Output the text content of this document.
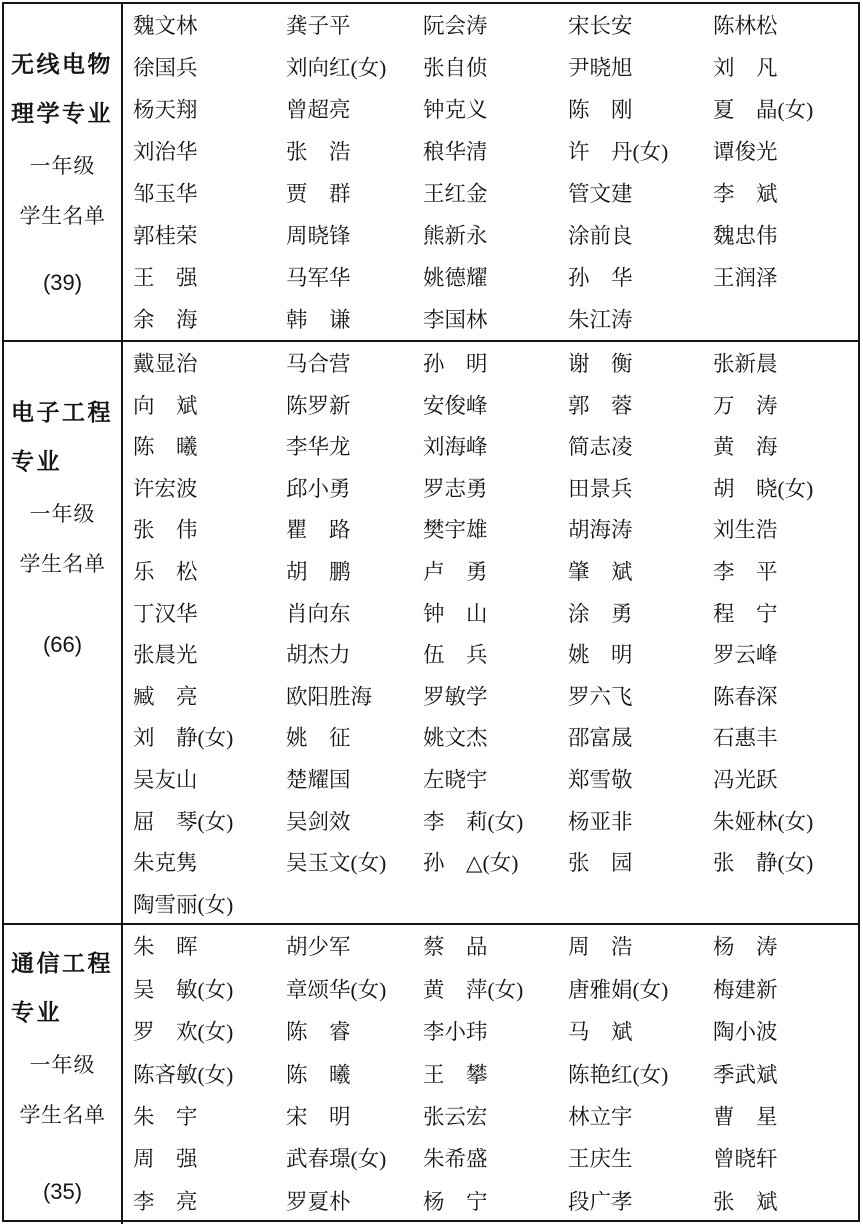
无线电物
理学专业
一年级
学生名单
(39)
魏文林	龚子平	阮会涛	宋长安	陈林松
徐国兵	刘向红(女)	张自侦	尹晓旭	刘　凡
杨天翔	曾超亮	钟克义	陈　刚	夏　晶(女)
刘治华	张　浩	稂华清	许　丹(女)	谭俊光
邹玉华	贾　群	王红金	管文建	李　斌
郭桂荣	周晓锋	熊新永	涂前良	魏忠伟
王　强	马军华	姚德耀	孙　华	王润泽
余　海	韩　谦	李国林	朱江涛
电子工程
专业
一年级
学生名单
(66)
戴显治	马合营	孙　明	谢　衡	张新晨
向　斌	陈罗新	安俊峰	郭　蓉	万　涛
陈　曦	李华龙	刘海峰	简志凌	黄　海
许宏波	邱小勇	罗志勇	田景兵	胡　晓(女)
张　伟	瞿　路	樊宇雄	胡海涛	刘生浩
乐　松	胡　鹏	卢　勇	肇　斌	李　平
丁汉华	肖向东	钟　山	涂　勇	程　宁
张晨光	胡杰力	伍　兵	姚　明	罗云峰
臧　亮	欧阳胜海	罗敏学	罗六飞	陈春深
刘　静(女)	姚　征	姚文杰	邵富晟	石惠丰
吴友山	楚耀国	左晓宇	郑雪敬	冯光跃
屈　琴(女)	吴剑效	李　莉(女)	杨亚非	朱娅林(女)
朱克隽	吴玉文(女)	孙　△(女)	张　园	张　静(女)
陶雪丽(女)
通信工程
专业
一年级
学生名单
(35)
朱　晖	胡少军	蔡　品	周　浩	杨　涛
吴　敏(女)	章颂华(女)	黄　萍(女)	唐雅娟(女)	梅建新
罗　欢(女)	陈　睿	李小玮	马　斌	陶小波
陈吝敏(女)	陈　曦	王　攀	陈艳红(女)	季武斌
朱　宇	宋　明	张云宏	林立宇	曹　星
周　强	武春璟(女)	朱希盛	王庆生	曾晓轩
李　亮	罗夏朴	杨　宁	段广孝	张　斌
